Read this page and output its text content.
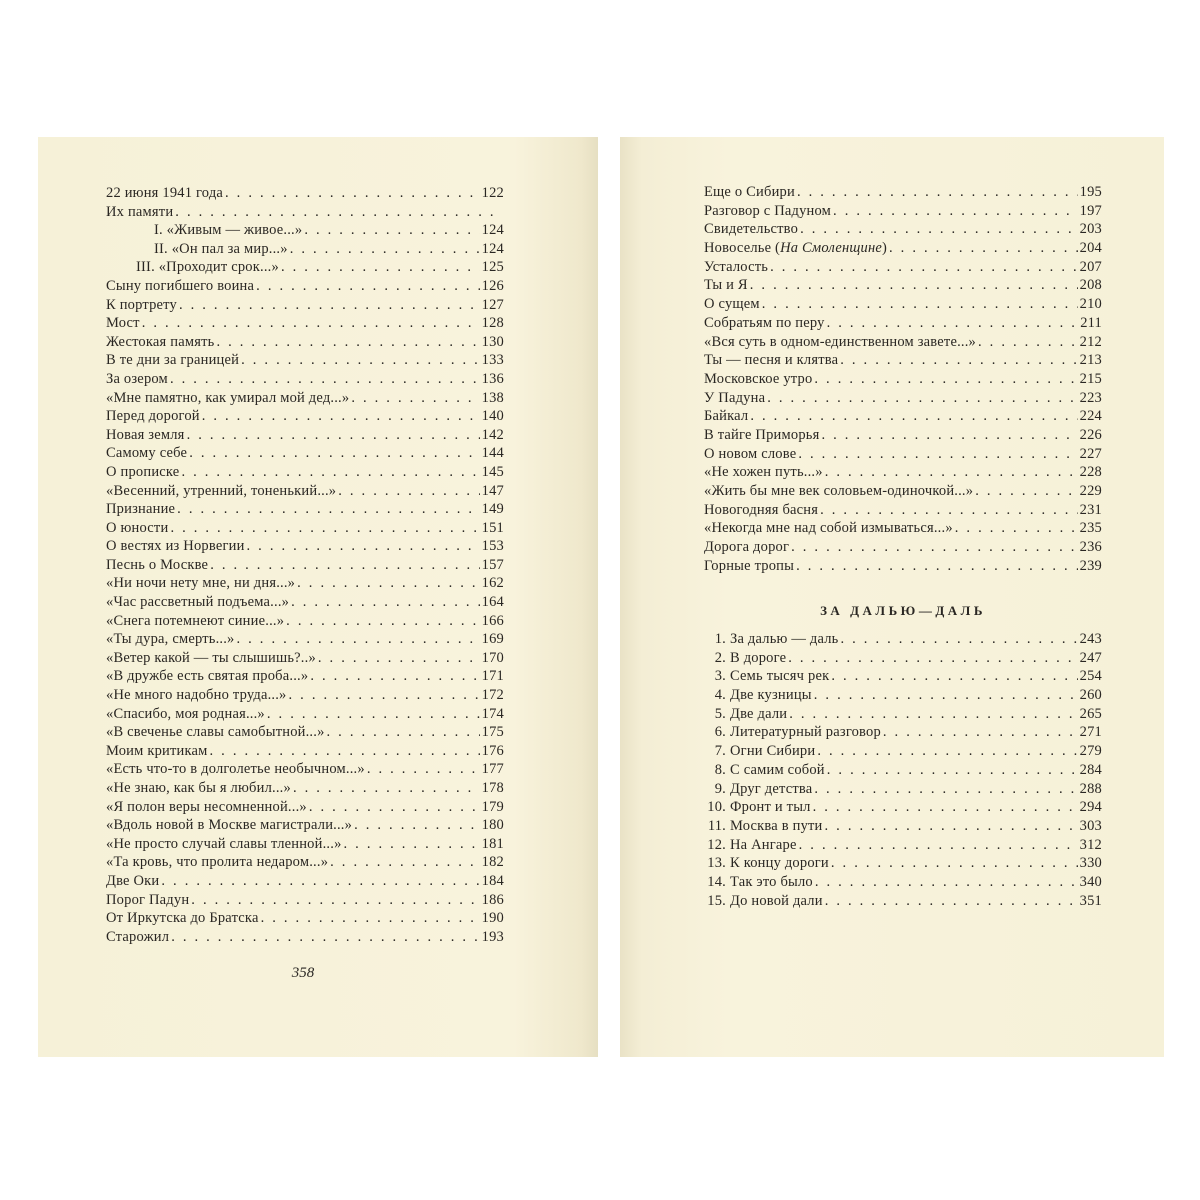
22 июня 1941 года . . .	122
Их памяти
. . .
I. «Живым — живое...» . . .	124
II. «Он пал за мир...» . . .	124
III. «Проходит срок...» . . .	125
Сыну погибшего воина . . .	126
К портрету . . .	127
Мост . . .	128
Жестокая память . . .	130
В те дни за границей . . .	133
За озером . . .	136
«Мне памятно, как умирал мой дед...» . . .	138
Перед дорогой . . .	140
Новая земля . . .	142
Самому себе . . .	144
О прописке . . .	145
«Весенний, утренний, тоненький...» . . .	147
Признание . . .	149
О юности . . .	151
О вестях из Норвегии . . .	153
Песнь о Москве . . .	157
«Ни ночи нету мне, ни дня...» . . .	162
«Час рассветный подъема...» . . .	164
«Снега потемнеют синие...» . . .	166
«Ты дура, смерть...» . . .	169
«Ветер какой — ты слышишь?..» . . .	170
«В дружбе есть святая проба...» . . .	171
«Не много надобно труда...» . . .	172
«Спасибо, моя родная...» . . .	174
«В свеченье славы самобытной...» . . .	175
Моим критикам . . .	176
«Есть что-то в долголетье необычном...» . . .	177
«Не знаю, как бы я любил...» . . .	178
«Я полон веры несомненной...» . . .	179
«Вдоль новой в Москве магистрали...» . . .	180
«Не просто случай славы тленной...» . . .	181
«Та кровь, что пролита недаром...» . . .	182
Две Оки . . .	184
Порог Падун . . .	186
От Иркутска до Братска . . .	190
Старожил . . .	193
358
Еще о Сибири . . .	195
Разговор с Падуном . . .	197
Свидетельство . . .	203
Новоселье (На Смоленщине) . . .	204
Усталость . . .	207
Ты и Я . . .	208
О сущем . . .	210
Собратьям по перу . . .	211
«Вся суть в одном-единственном завете...» . . .	212
Ты — песня и клятва . . .	213
Московское утро . . .	215
У Падуна . . .	223
Байкал . . .	224
В тайге Приморья . . .	226
О новом слове . . .	227
«Не хожен путь...» . . .	228
«Жить бы мне век соловьем-одиночкой...» . . .	229
Новогодняя басня . . .	231
«Некогда мне над собой измываться...» . . .	235
Дорога дорог . . .	236
Горные тропы . . .	239
ЗА ДАЛЬЮ—ДАЛЬ
1. За далью — даль . . .	243
2. В дороге . . .	247
3. Семь тысяч рек . . .	254
4. Две кузницы . . .	260
5. Две дали . . .	265
6. Литературный разговор . . .	271
7. Огни Сибири . . .	279
8. С самим собой . . .	284
9. Друг детства . . .	288
10. Фронт и тыл . . .	294
11. Москва в пути . . .	303
12. На Ангаре . . .	312
13. К концу дороги . . .	330
14. Так это было . . .	340
15. До новой дали . . .	351
